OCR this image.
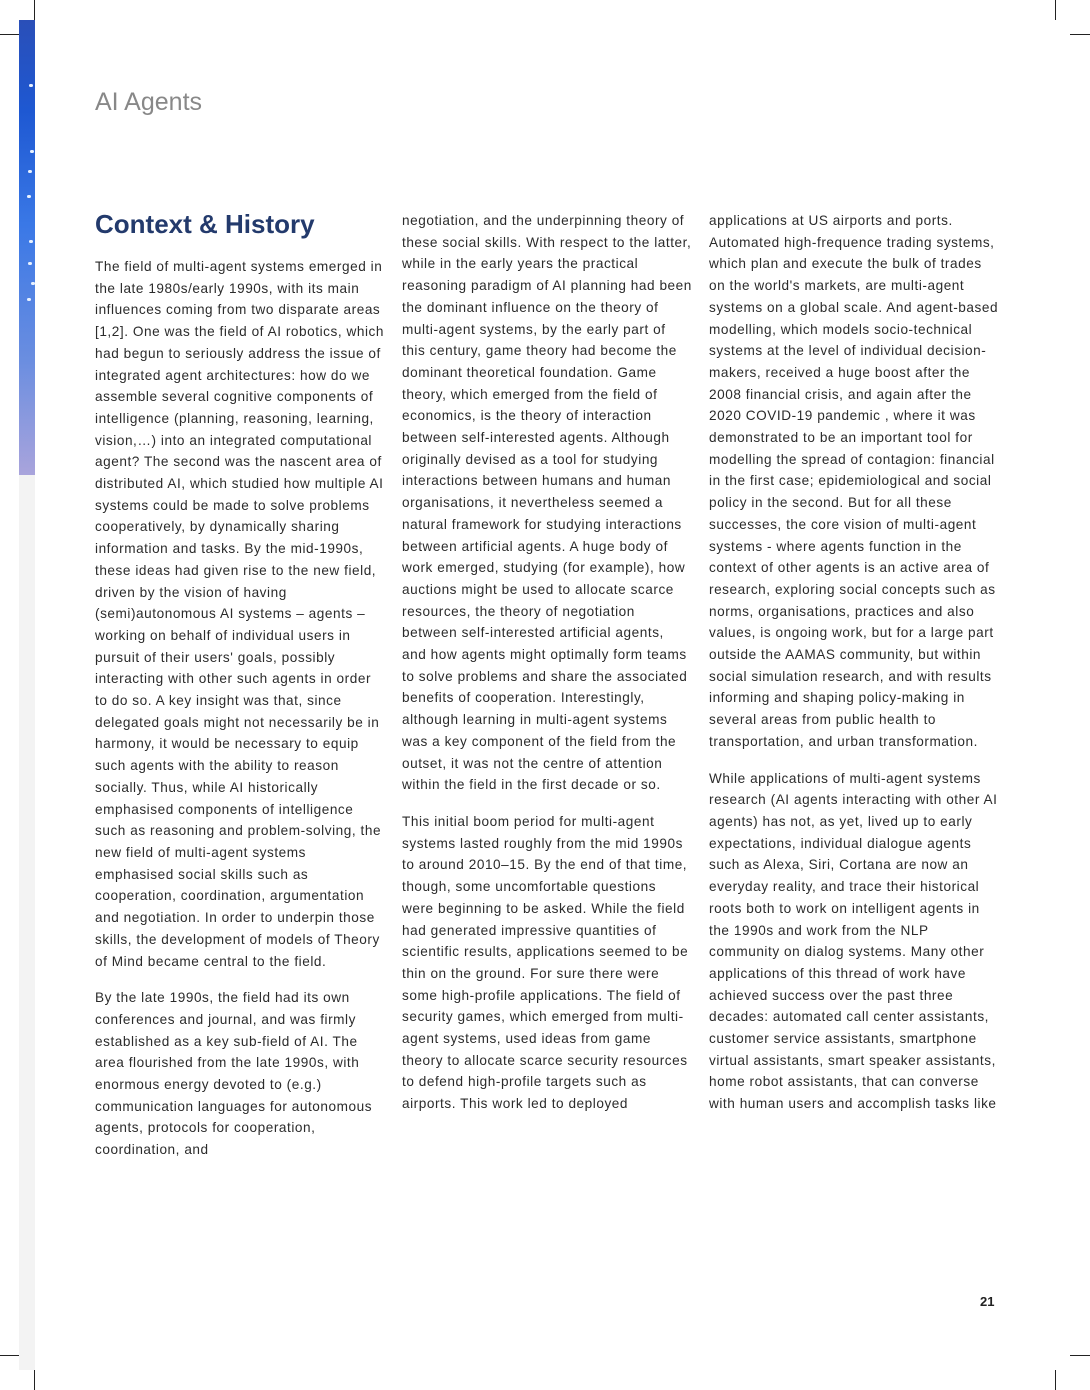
AI Agents
Context & History

The field of multi-agent systems emerged in the late 1980s/early 1990s, with its main influences coming from two disparate areas [1,2]. One was the field of AI robotics, which had begun to seriously address the issue of integrated agent architectures: how do we assemble several cognitive components of intelligence (planning, reasoning, learning, vision,…) into an integrated computational agent? The second was the nascent area of distributed AI, which studied how multiple AI systems could be made to solve problems cooperatively, by dynamically sharing information and tasks. By the mid-1990s, these ideas had given rise to the new field, driven by the vision of having (semi)autonomous AI systems – agents – working on behalf of individual users in pursuit of their users' goals, possibly interacting with other such agents in order to do so. A key insight was that, since delegated goals might not necessarily be in harmony, it would be necessary to equip such agents with the ability to reason socially. Thus, while AI historically emphasised components of intelligence such as reasoning and problem-solving, the new field of multi-agent systems emphasised social skills such as cooperation, coordination, argumentation and negotiation. In order to underpin those skills, the development of models of Theory of Mind became central to the field.

By the late 1990s, the field had its own conferences and journal, and was firmly established as a key sub-field of AI. The area flourished from the late 1990s, with enormous energy devoted to (e.g.) communication languages for autonomous agents, protocols for cooperation, coordination, and

negotiation, and the underpinning theory of these social skills. With respect to the latter, while in the early years the practical reasoning paradigm of AI planning had been the dominant influence on the theory of multi-agent systems, by the early part of this century, game theory had become the dominant theoretical foundation. Game theory, which emerged from the field of economics, is the theory of interaction between self-interested agents. Although originally devised as a tool for studying interactions between humans and human organisations, it nevertheless seemed a natural framework for studying interactions between artificial agents. A huge body of work emerged, studying (for example), how auctions might be used to allocate scarce resources, the theory of negotiation between self-interested artificial agents, and how agents might optimally form teams to solve problems and share the associated benefits of cooperation. Interestingly, although learning in multi-agent systems was a key component of the field from the outset, it was not the centre of attention within the field in the first decade or so.

This initial boom period for multi-agent systems lasted roughly from the mid 1990s to around 2010–15. By the end of that time, though, some uncomfortable questions were beginning to be asked. While the field had generated impressive quantities of scientific results, applications seemed to be thin on the ground. For sure there were some high-profile applications. The field of security games, which emerged from multi-agent systems, used ideas from game theory to allocate scarce security resources to defend high-profile targets such as airports. This work led to deployed

applications at US airports and ports. Automated high-frequence trading systems, which plan and execute the bulk of trades on the world's markets, are multi-agent systems on a global scale. And agent-based modelling, which models socio-technical systems at the level of individual decision-makers, received a huge boost after the 2008 financial crisis, and again after the 2020 COVID-19 pandemic , where it was demonstrated to be an important tool for modelling the spread of contagion: financial in the first case; epidemiological and social policy in the second. But for all these successes, the core vision of multi-agent systems - where agents function in the context of other agents is an active area of research, exploring social concepts such as norms, organisations, practices and also values, is ongoing work, but for a large part outside the AAMAS community, but within social simulation research, and with results informing and shaping policy-making in several areas from public health to transportation, and urban transformation.

While applications of multi-agent systems research (AI agents interacting with other AI agents) has not, as yet, lived up to early expectations, individual dialogue agents such as Alexa, Siri, Cortana are now an everyday reality, and trace their historical roots both to work on intelligent agents in the 1990s and work from the NLP community on dialog systems. Many other applications of this thread of work have achieved success over the past three decades: automated call center assistants, customer service assistants, smartphone virtual assistants, smart speaker assistants, home robot assistants, that can converse with human users and accomplish tasks like

21
